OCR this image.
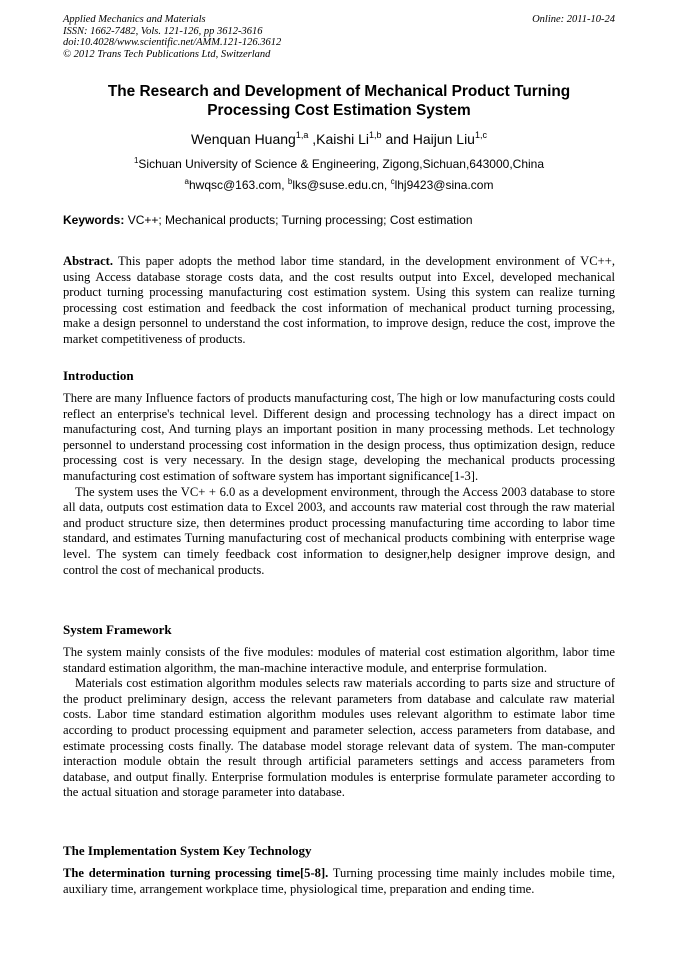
Applied Mechanics and Materials
ISSN: 1662-7482, Vols. 121-126, pp 3612-3616
doi:10.4028/www.scientific.net/AMM.121-126.3612
© 2012 Trans Tech Publications Ltd, Switzerland
Online: 2011-10-24
The Research and Development of Mechanical Product Turning
Processing Cost Estimation System
Wenquan Huang$^{1,a}$ ,Kaishi Li$^{1,b}$ and Haijun Liu$^{1,c}$
$^1$Sichuan University of Science & Engineering, Zigong,Sichuan,643000,China
$^a$hwqsc@163.com, $^b$lks@suse.edu.cn, $^c$lhj9423@sina.com
Keywords: VC++; Mechanical products; Turning processing; Cost estimation

Abstract. This paper adopts the method labor time standard, in the development environment of VC++, using Access database storage costs data, and the cost results output into Excel, developed mechanical product turning processing manufacturing cost estimation system. Using this system can realize turning processing cost estimation and feedback the cost information of mechanical product turning processing, make a design personnel to understand the cost information, to improve design, reduce the cost, improve the market competitiveness of products.

Introduction

There are many Influence factors of products manufacturing cost, The high or low manufacturing costs could reflect an enterprise's technical level. Different design and processing technology has a direct impact on manufacturing cost, And turning plays an important position in many processing methods. Let technology personnel to understand processing cost information in the design process, thus optimization design, reduce processing cost is very necessary. In the design stage, developing the mechanical products processing manufacturing cost estimation of software system has important significance[1-3].

The system uses the VC+ + 6.0 as a development environment, through the Access 2003 database to store all data, outputs cost estimation data to Excel 2003, and accounts raw material cost through the raw material and product structure size, then determines product processing manufacturing time according to labor time standard, and estimates Turning manufacturing cost of mechanical products combining with enterprise wage level. The system can timely feedback cost information to designer,help designer improve design, and control the cost of mechanical products.

System Framework

The system mainly consists of the five modules: modules of material cost estimation algorithm, labor time standard estimation algorithm, the man-machine interactive module, and enterprise formulation.

Materials cost estimation algorithm modules selects raw materials according to parts size and structure of the product preliminary design, access the relevant parameters from database and calculate raw material costs. Labor time standard estimation algorithm modules uses relevant algorithm to estimate labor time according to product processing equipment and parameter selection, access parameters from database, and estimate processing costs finally. The database model storage relevant data of system. The man-computer interaction module obtain the result through artificial parameters settings and access parameters from database, and output finally. Enterprise formulation modules is enterprise formulate parameter according to the actual situation and storage parameter into database.

The Implementation System Key Technology

The determination turning processing time[5-8]. Turning processing time mainly includes mobile time, auxiliary time, arrangement workplace time, physiological time, preparation and ending time.
